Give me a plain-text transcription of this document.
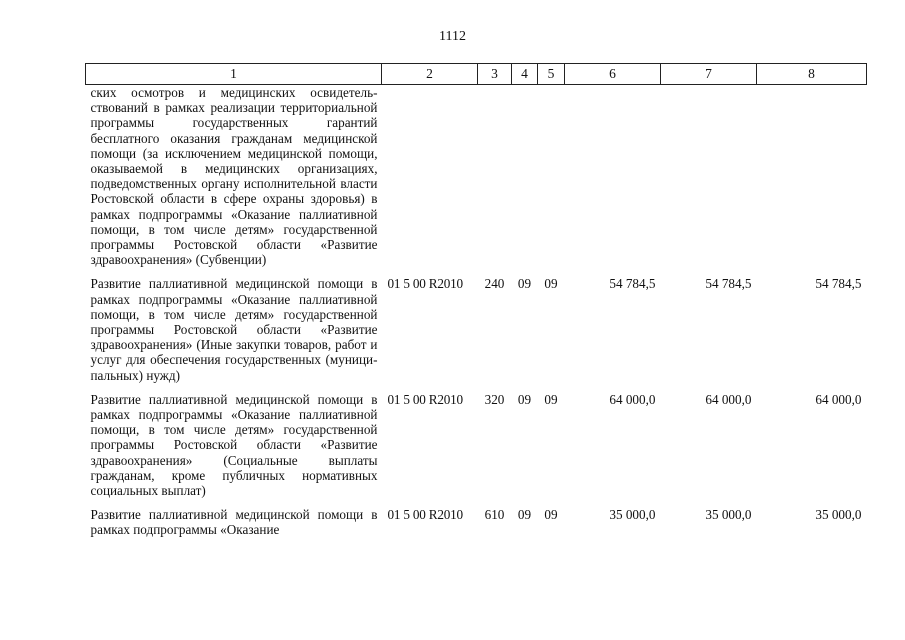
1112
1	2	3	4	5	6	7	8
ских осмотров и медицинских освидетельствований в рамках реализации территориальной программы государственных гарантий бесплатного оказания гражданам медицинской помощи (за исключением медицинской помощи, оказываемой в медицинских организациях, подведомственных органу исполнительной власти Ростовской области в сфере охраны здоровья) в рамках подпрограммы «Оказание паллиативной помощи, в том числе детям» государственной программы Ростовской области «Развитие здравоохранения» (Субвенции)							
Развитие паллиативной медицинской помощи в рамках подпрограммы «Оказание паллиативной помощи, в том числе детям» государственной программы Ростовской области «Развитие здравоохранения» (Иные закупки товаров, работ и услуг для обеспечения государственных (муниципальных) нужд)	01 5 00 R2010	240	09	09	54 784,5	54 784,5	54 784,5
Развитие паллиативной медицинской помощи в рамках подпрограммы «Оказание паллиативной помощи, в том числе детям» государственной программы Ростовской области «Развитие здравоохранения» (Социальные выплаты гражданам, кроме публичных нормативных социальных выплат)	01 5 00 R2010	320	09	09	64 000,0	64 000,0	64 000,0
Развитие паллиативной медицинской помощи в рамках подпрограммы «Оказание	01 5 00 R2010	610	09	09	35 000,0	35 000,0	35 000,0
